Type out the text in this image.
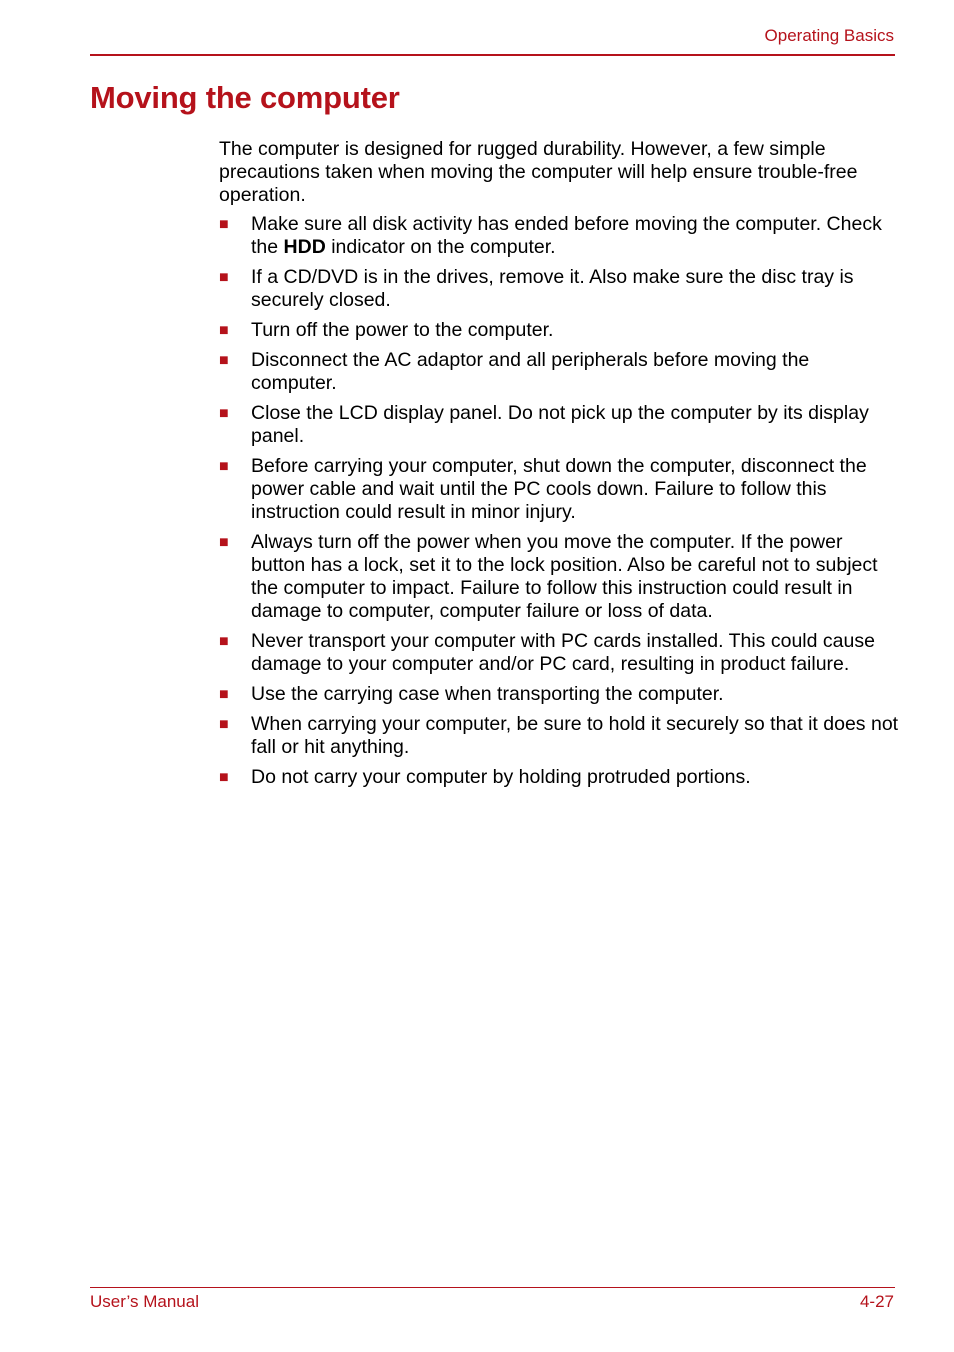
Operating Basics
Moving the computer

The computer is designed for rugged durability. However, a few simple precautions taken when moving the computer will help ensure trouble-free operation.

■	Make sure all disk activity has ended before moving the computer. Check the HDD indicator on the computer.
■	If a CD/DVD is in the drives, remove it. Also make sure the disc tray is securely closed.
■	Turn off the power to the computer.
■	Disconnect the AC adaptor and all peripherals before moving the computer.
■	Close the LCD display panel. Do not pick up the computer by its display panel.
■	Before carrying your computer, shut down the computer, disconnect the power cable and wait until the PC cools down. Failure to follow this instruction could result in minor injury.
■	Always turn off the power when you move the computer. If the power button has a lock, set it to the lock position. Also be careful not to subject the computer to impact. Failure to follow this instruction could result in damage to computer, computer failure or loss of data.
■	Never transport your computer with PC cards installed. This could cause damage to your computer and/or PC card, resulting in product failure.
■	Use the carrying case when transporting the computer.
■	When carrying your computer, be sure to hold it securely so that it does not fall or hit anything.
■	Do not carry your computer by holding protruded portions.
User’s Manual	4-27
